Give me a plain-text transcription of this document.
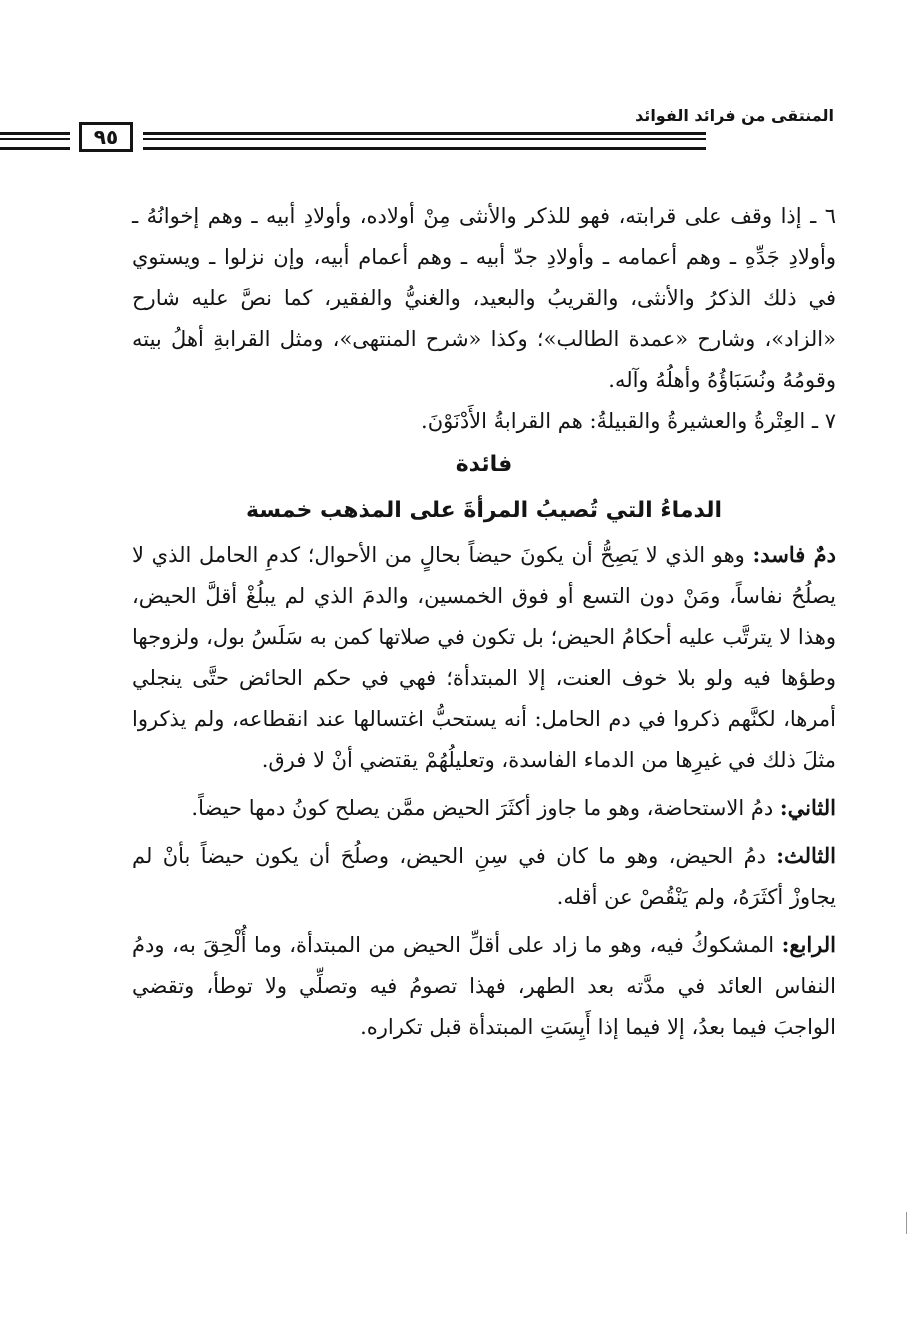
المنتقى من فرائد الفوائد
٩٥

٦ ـ إذا وقف على قرابته، فهو للذكر والأنثى مِنْ أولاده، وأولادِ أبيه ـ وهم إخوانُهُ ـ وأولادِ جَدِّهِ ـ وهم أعمامه ـ وأولادِ جدّ أبيه ـ وهم أعمام أبيه، وإن نزلوا ـ ويستوي في ذلك الذكرُ والأنثى، والقريبُ والبعيد، والغنيُّ والفقير، كما نصَّ عليه شارح «الزاد»، وشارح «عمدة الطالب»؛ وكذا «شرح المنتهى»، ومثل القرابةِ أهلُ بيته وقومُهُ ونُسَبَاؤُهُ وأهلُهُ وآله.

٧ ـ العِتْرةُ والعشيرةُ والقبيلةُ: هم القرابةُ الأَدْنَوْنَ.

فائدة

الدماءُ التي تُصيبُ المرأةَ على المذهب خمسة

دمٌ فاسد: وهو الذي لا يَصِحُّ أن يكونَ حيضاً بحالٍ من الأحوال؛ كدمِ الحامل الذي لا يصلُحُ نفاساً، ومَنْ دون التسع أو فوق الخمسين، والدمَ الذي لم يبلُغْ أقلَّ الحيض، وهذا لا يترتَّب عليه أحكامُ الحيض؛ بل تكون في صلاتها كمن به سَلَسُ بول، ولزوجها وطؤها فيه ولو بلا خوف العنت، إلا المبتدأة؛ فهي في حكم الحائض حتَّى ينجلي أمرها، لكنَّهم ذكروا في دم الحامل: أنه يستحبُّ اغتسالها عند انقطاعه، ولم يذكروا مثلَ ذلك في غيرِها من الدماء الفاسدة، وتعليلُهُمْ يقتضي أنْ لا فرق.

الثاني: دمُ الاستحاضة، وهو ما جاوز أكثَرَ الحيض ممَّن يصلح كونُ دمها حيضاً.

الثالث: دمُ الحيض، وهو ما كان في سِنِ الحيض، وصلُحَ أن يكون حيضاً بأنْ لم يجاوزْ أكثَرَهُ، ولم يَنْقُصْ عن أقله.

الرابع: المشكوكُ فيه، وهو ما زاد على أقلِّ الحيض من المبتدأة، وما أُلْحِقَ به، ودمُ النفاس العائد في مدَّته بعد الطهر، فهذا تصومُ فيه وتصلِّي ولا توطأ، وتقضي الواجبَ فيما بعدُ، إلا فيما إذا أَيِسَتِ المبتدأة قبل تكراره.
